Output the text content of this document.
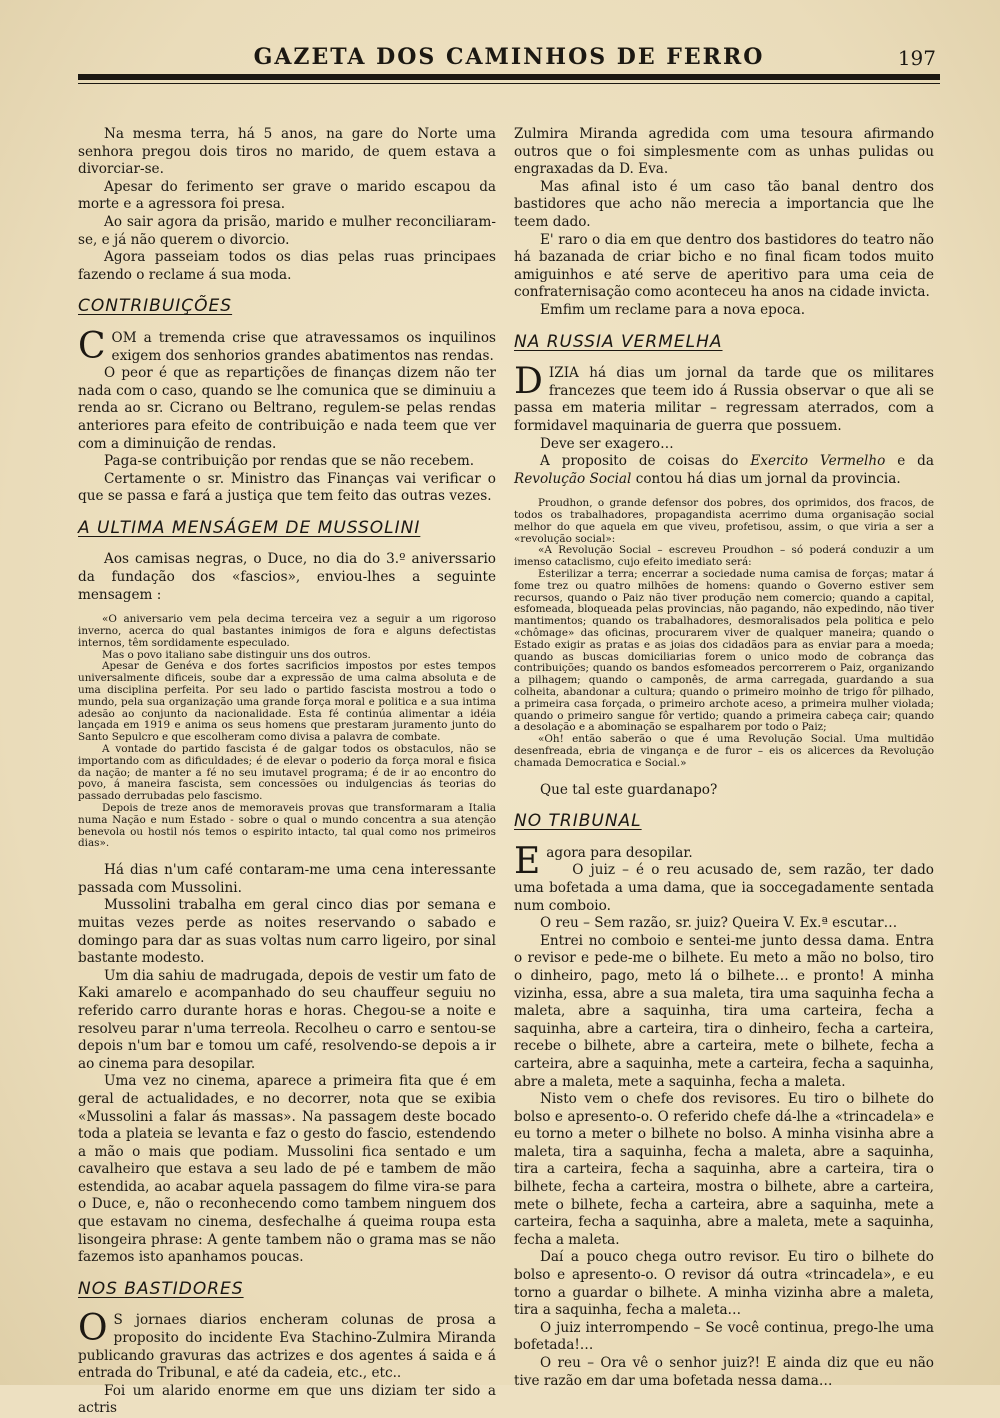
GAZETA DOS CAMINHOS DE FERRO	197

Na mesma terra, há 5 anos, na gare do Norte uma senhora pregou dois tiros no marido, de quem estava a divorciar-se.

Apesar do ferimento ser grave o marido escapou da morte e a agressora foi presa.

Ao sair agora da prisão, marido e mulher reconciliaram-se, e já não querem o divorcio.

Agora passeiam todos os dias pelas ruas principaes fazendo o reclame á sua moda.

CONTRIBUIÇÕES

COM a tremenda crise que atravessamos os inquilinos exigem dos senhorios grandes abatimentos nas rendas.

O peor é que as repartições de finanças dizem não ter nada com o caso, quando se lhe comunica que se diminuiu a renda ao sr. Cicrano ou Beltrano, regulem-se pelas rendas anteriores para efeito de contribuição e nada teem que ver com a diminuição de rendas.

Paga-se contribuição por rendas que se não recebem.

Certamente o sr. Ministro das Finanças vai verificar o que se passa e fará a justiça que tem feito das outras vezes.

A ULTIMA MENSÁGEM DE MUSSOLINI

Aos camisas negras, o Duce, no dia do 3.º aniverssario da fundação dos «fascios», enviou-lhes a seguinte mensagem :

«O aniversario vem pela decima terceira vez a seguir a um rigoroso inverno, acerca do qual bastantes inimigos de fora e alguns defectistas internos, têm sordidamente especulado.

Mas o povo italiano sabe distinguir uns dos outros.

Apesar de Genéva e dos fortes sacrificios impostos por estes tempos universalmente dificeis, soube dar a expressão de uma calma absoluta e de uma disciplina perfeita. Por seu lado o partido fascista mostrou a todo o mundo, pela sua organização uma grande força moral e politica e a sua intima adesão ao conjunto da nacionalidade. Esta fé continúa alimentar a idéia lançada em 1919 e anima os seus homens que prestaram juramento junto do Santo Sepulcro e que escolheram como divisa a palavra de combate.

A vontade do partido fascista é de galgar todos os obstaculos, não se importando com as dificuldades; é de elevar o poderio da força moral e fisica da nação; de manter a fé no seu imutavel programa; é de ir ao encontro do povo, á maneira fascista, sem concessões ou indulgencias ás teorias do passado derrubadas pelo fascismo.

Depois de treze anos de memoraveis provas que transformaram a Italia numa Nação e num Estado - sobre o qual o mundo concentra a sua atenção benevola ou hostil nós temos o espirito intacto, tal qual como nos primeiros dias».

Há dias n'um café contaram-me uma cena interessante passada com Mussolini.

Mussolini trabalha em geral cinco dias por semana e muitas vezes perde as noites reservando o sabado e domingo para dar as suas voltas num carro ligeiro, por sinal bastante modesto.

Um dia sahiu de madrugada, depois de vestir um fato de Kaki amarelo e acompanhado do seu chauffeur seguiu no referido carro durante horas e horas. Chegou-se a noite e resolveu parar n'uma terreola. Recolheu o carro e sentou-se depois n'um bar e tomou um café, resolvendo-se depois a ir ao cinema para desopilar.

Uma vez no cinema, aparece a primeira fita que é em geral de actualidades, e no decorrer, nota que se exibia «Mussolini a falar ás massas». Na passagem deste bocado toda a plateia se levanta e faz o gesto do fascio, estendendo a mão o mais que podiam. Mussolini fica sentado e um cavalheiro que estava a seu lado de pé e tambem de mão estendida, ao acabar aquela passagem do filme vira-se para o Duce, e, não o reconhecendo como tambem ninguem dos que estavam no cinema, desfechalhe á queima roupa esta lisongeira phrase: A gente tambem não o grama mas se não fazemos isto apanhamos poucas.

NOS BASTIDORES

O S jornaes diarios encheram colunas de prosa a proposito do incidente Eva Stachino-Zulmira Miranda publicando gravuras das actrizes e dos agentes á saida e á entrada do Tribunal, e até da cadeia, etc., etc..

Foi um alarido enorme em que uns diziam ter sido a actris

Zulmira Miranda agredida com uma tesoura afirmando outros que o foi simplesmente com as unhas pulidas ou engraxadas da D. Eva.

Mas afinal isto é um caso tão banal dentro dos bastidores que acho não merecia a importancia que lhe teem dado.

E' raro o dia em que dentro dos bastidores do teatro não há bazanada de criar bicho e no final ficam todos muito amiguinhos e até serve de aperitivo para uma ceia de confraternisação como aconteceu ha anos na cidade invicta.

Emfim um reclame para a nova epoca.

NA RUSSIA VERMELHA

DIZIA há dias um jornal da tarde que os militares francezes que teem ido á Russia observar o que ali se passa em materia militar – regressam aterrados, com a formidavel maquinaria de guerra que possuem.

Deve ser exagero…

A proposito de coisas do Exercito Vermelho e da Revolução Social contou há dias um jornal da provincia.

Proudhon, o grande defensor dos pobres, dos oprimidos, dos fracos, de todos os trabalhadores, propagandista acerrimo duma organisação social melhor do que aquela em que viveu, profetisou, assim, o que viria a ser a «revolução social»:

«A Revolução Social – escreveu Proudhon – só poderá conduzir a um imenso cataclismo, cujo efeito imediato será:

Esterilizar a terra; encerrar a sociedade numa camisa de forças; matar á fome trez ou quatro milhões de homens: quando o Governo estiver sem recursos, quando o Paiz não tiver produção nem comercio; quando a capital, esfomeada, bloqueada pelas provincias, não pagando, não expedindo, não tiver mantimentos; quando os trabalhadores, desmoralisados pela politica e pelo «chômage» das oficinas, procurarem viver de qualquer maneira; quando o Estado exigir as pratas e as joias dos cidadãos para as enviar para a moeda; quando as buscas domiciliarias forem o unico modo de cobrança das contribuições; quando os bandos esfomeados percorrerem o Paiz, organizando a pilhagem; quando o camponês, de arma carregada, guardando a sua colheita, abandonar a cultura; quando o primeiro moinho de trigo fôr pilhado, a primeira casa forçada, o primeiro archote aceso, a primeira mulher violada; quando o primeiro sangue fôr vertido; quando a primeira cabeça cair; quando a desolação e a abominação se espalharem por todo o Paiz;

«Oh! então saberão o que é uma Revolução Social. Uma multidão desenfreada, ebria de vingança e de furor – eis os alicerces da Revolução chamada Democratica e Social.»

Que tal este guardanapo?

NO TRIBUNAL

Eagora para desopilar.

O juiz – é o reu acusado de, sem razão, ter dado uma bofetada a uma dama, que ia soccegadamente sentada num comboio.

O reu – Sem razão, sr. juiz? Queira V. Ex.ª escutar…

Entrei no comboio e sentei-me junto dessa dama. Entra o revisor e pede-me o bilhete. Eu meto a mão no bolso, tiro o dinheiro, pago, meto lá o bilhete… e pronto! A minha vizinha, essa, abre a sua maleta, tira uma saquinha fecha a maleta, abre a saquinha, tira uma carteira, fecha a saquinha, abre a carteira, tira o dinheiro, fecha a carteira, recebe o bilhete, abre a carteira, mete o bilhete, fecha a carteira, abre a saquinha, mete a carteira, fecha a saquinha, abre a maleta, mete a saquinha, fecha a maleta.

Nisto vem o chefe dos revisores. Eu tiro o bilhete do bolso e apresento-o. O referido chefe dá-lhe a «trincadela» e eu torno a meter o bilhete no bolso. A minha visinha abre a maleta, tira a saquinha, fecha a maleta, abre a saquinha, tira a carteira, fecha a saquinha, abre a carteira, tira o bilhete, fecha a carteira, mostra o bilhete, abre a carteira, mete o bilhete, fecha a carteira, abre a saquinha, mete a carteira, fecha a saquinha, abre a maleta, mete a saquinha, fecha a maleta.

Daí a pouco chega outro revisor. Eu tiro o bilhete do bolso e apresento-o. O revisor dá outra «trincadela», e eu torno a guardar o bilhete. A minha vizinha abre a maleta, tira a saquinha, fecha a maleta…

O juiz interrompendo – Se você continua, prego-lhe uma bofetada!…

O reu – Ora vê o senhor juiz?! E ainda diz que eu não tive razão em dar uma bofetada nessa dama…
